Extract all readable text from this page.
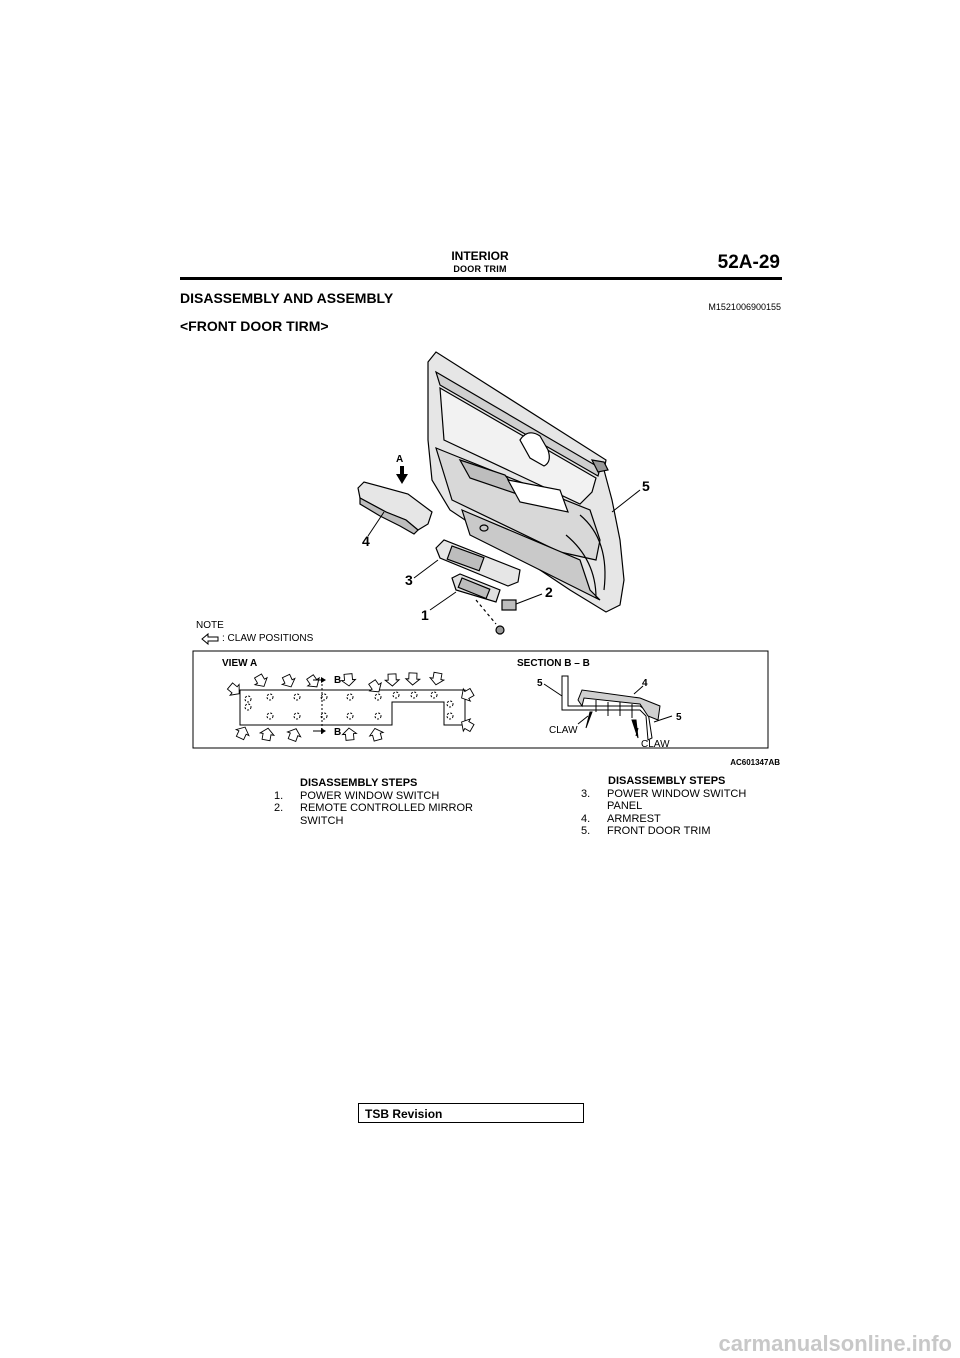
INTERIOR
DOOR TRIM	52A-29
DISASSEMBLY AND ASSEMBLY
M1521006900155
<FRONT DOOR TIRM>
5
4
A
3
1
2
VIEW A
B
B
SECTION B – B
5	4
5
CLAW
CLAW
NOTE
: CLAW POSITIONS
AC601347AB
DISASSEMBLY STEPS
1.	POWER WINDOW SWITCH
2.	REMOTE CONTROLLED MIRROR SWITCH
DISASSEMBLY STEPS
3.	POWER WINDOW SWITCH PANEL
4.	ARMREST
5.	FRONT DOOR TRIM
TSB Revision
carmanualsonline.info
